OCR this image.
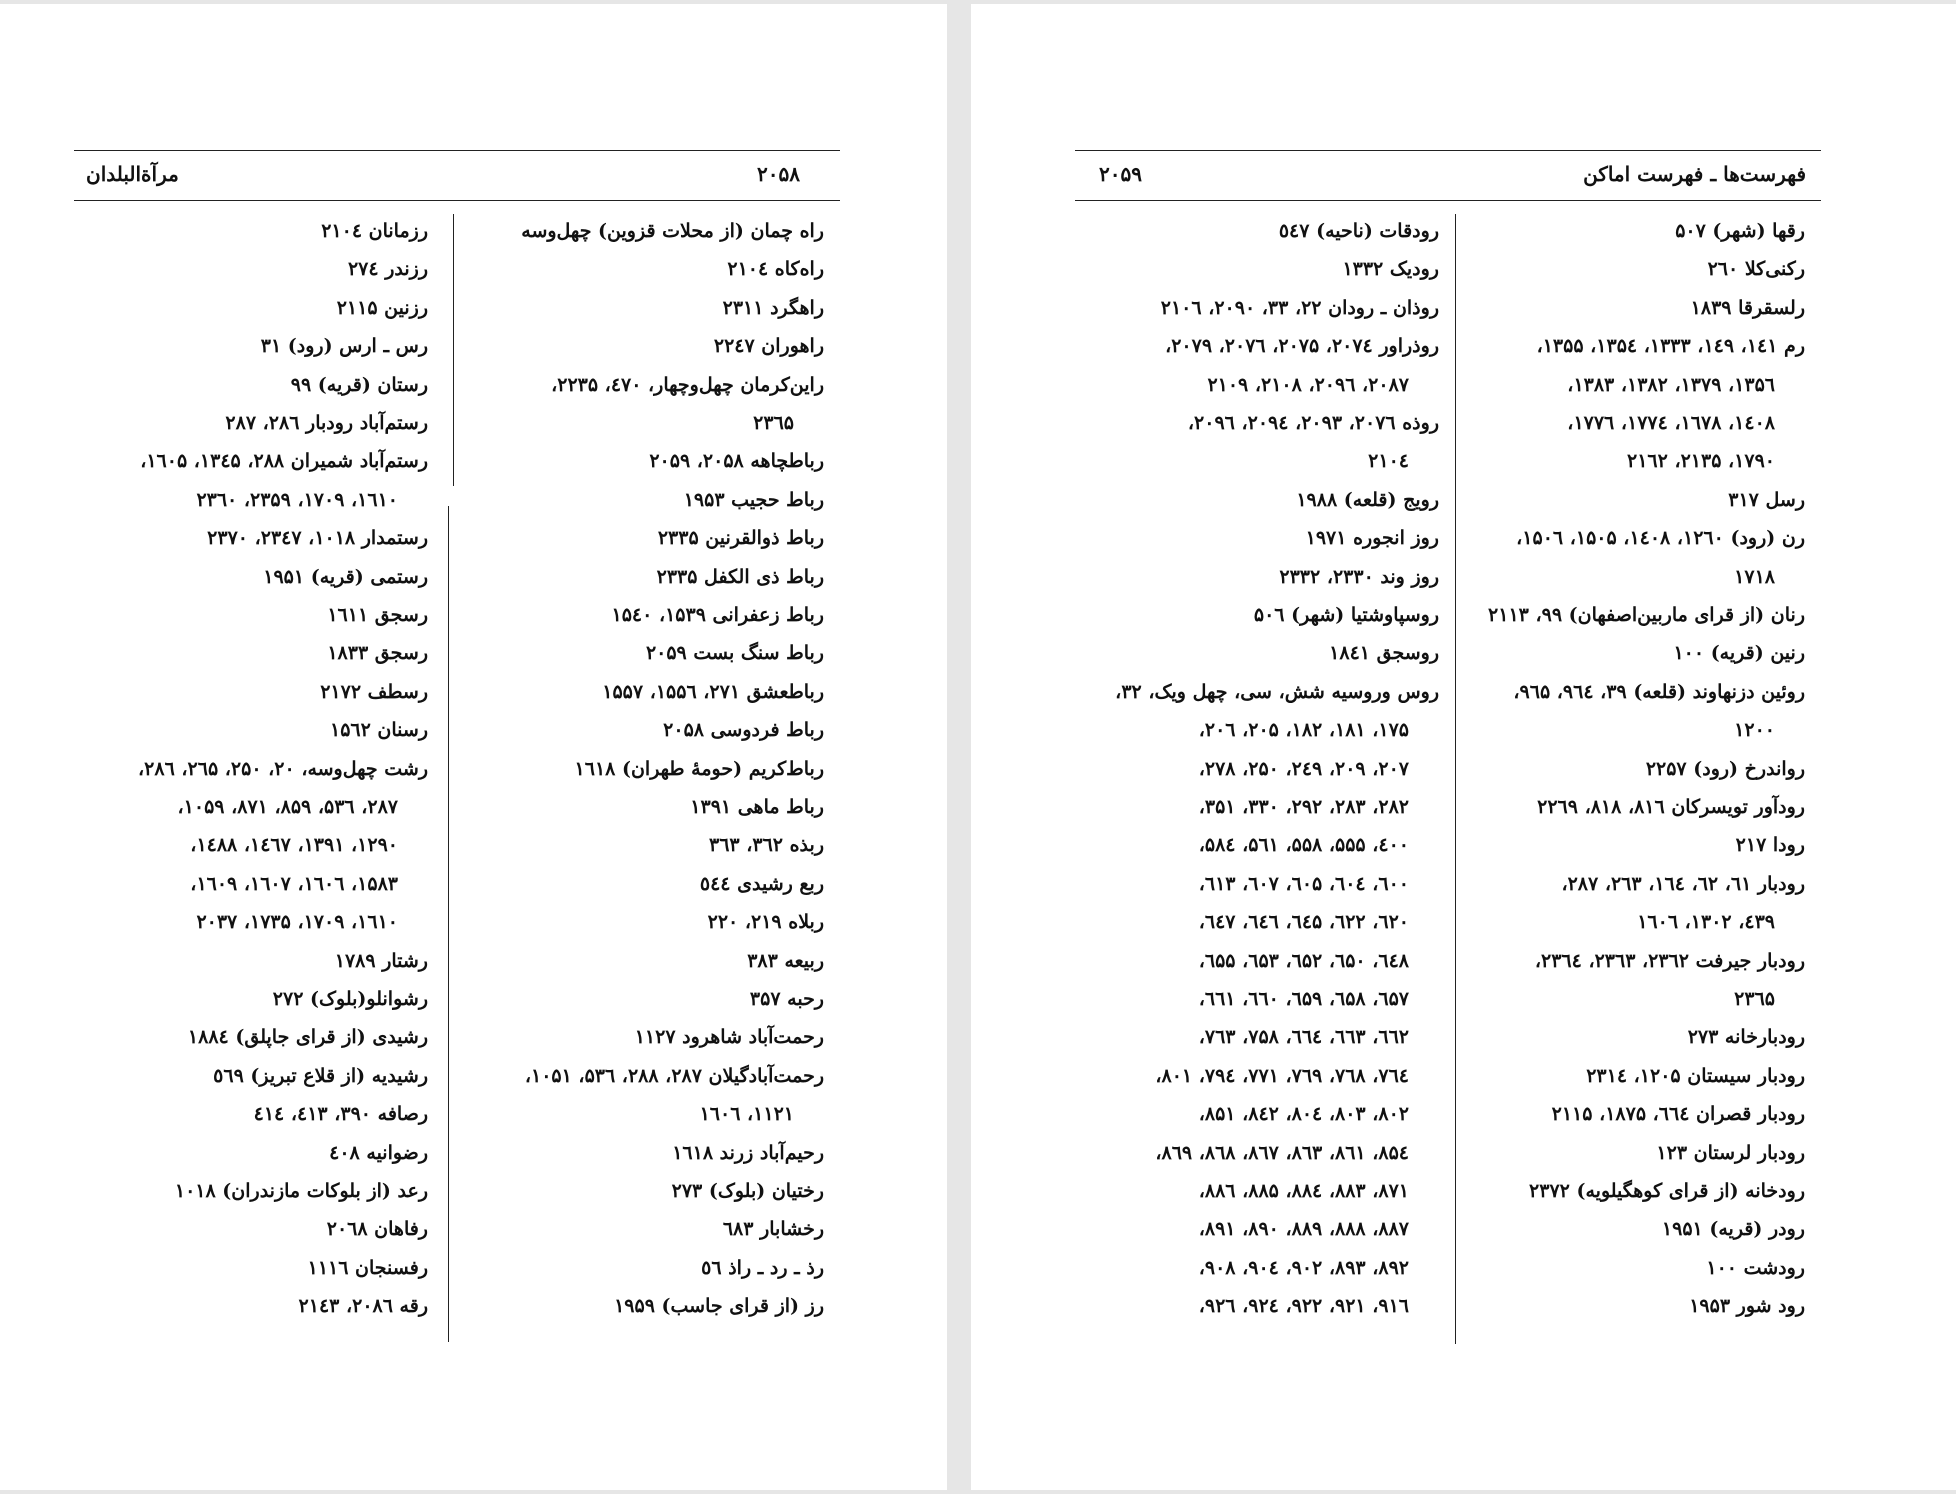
مرآة‌البلدان	۲۰۵۸
راه چمان (از محلات قزوین) چهل‌وسه
راه‌کاه ۲۱۰٤
راهگرد ۲۳۱۱
راهوران ۲۲٤۷
راین‌کرمان چهل‌وچهار، ٤٧٠، ۲۲۳۵،
۲۳٦۵
رباطچاهه ۲۰۵۸، ۲۰۵۹
رباط حجیب ۱۹۵۳
رباط ذوالقرنین ۲۳۳۵
رباط ذی الکفل ۲۳۳۵
رباط زعفرانی ۱۵۳۹، ۱۵٤۰
رباط سنگ بست ۲۰۵۹
رباطعشق ۲۷۱، ۱۵۵٦، ۱۵۵۷
رباط فردوسی ۲۰۵۸
رباط‌کریم (حومهٔ طهران) ۱٦۱۸
رباط ماهی ۱۳۹۱
ربذه ۳٦۲، ۳٦۳
ربع رشیدی ٥٤٤
ربلاه ۲۱۹، ۲۲۰
ربیعه ۳۸۳
رحبه ۳۵۷
رحمت‌آباد شاهرود ۱۱۲۷
رحمت‌آبادگیلان ۲۸۷، ۲۸۸، ۵۳٦، ۱۰۵۱،
۱۱۲۱، ۱٦۰٦
رحیم‌آباد زرند ۱٦۱۸
رختیان (بلوک) ۲۷۳
رخشابار ٦۸۳
رذ ـ رد ـ راذ ٥٦
رز (از قرای جاسب) ۱۹۵۹
رزمانان ۲۱۰٤
رزندر ۲۷٤
رزنین ۲۱۱۵
رس ـ ارس (رود) ۳۱
رستان (قریه) ۹۹
رستم‌آباد رودبار ۲۸٦، ۲۸۷
رستم‌آباد شمیران ۲۸۸، ۱۳٤۵، ۱٦۰۵،
۱٦۱۰، ۱۷۰۹، ۲۳۵۹، ۲۳٦۰
رستمدار ۱۰۱۸، ۲۳٤۷، ۲۳۷۰
رستمی (قریه) ۱۹۵۱
رسجق ۱٦۱۱
رسجق ۱۸۳۳
رسطف ۲۱۷۲
رسنان ۱۵٦۲
رشت چهل‌وسه، ۲۰، ۲۵۰، ۲٦۵، ۲۸٦،
۲۸۷، ۵۳٦، ۸۵۹، ۸۷۱، ۱۰۵۹،
۱۲۹۰، ۱۳۹۱، ۱٤٦۷، ۱٤۸۸،
۱۵۸۳، ۱٦۰٦، ۱٦۰۷، ۱٦۰۹،
۱٦۱۰، ۱۷۰۹، ۱۷۳۵، ۲۰۳۷
رشتار ۱۷۸۹
رشوانلو(بلوک) ۲۷۲
رشیدی (از قرای جاپلق) ۱۸۸٤
رشیدیه (از قلاع تبریز) ٥٦۹
رصافه ۳۹۰، ٤۱۳، ٤۱٤
رضوانیه ٤۰۸
رعد (از بلوکات مازندران) ۱۰۱۸
رفاهان ۲۰٦۸
رفسنجان ۱۱۱٦
رقه ۲۰۸٦، ۲۱٤۳
۲۰۵۹	فهرست‌ها ـ فهرست اماکن
رقها (شهر) ۵۰۷
رکنی‌کلا ۲٦۰
رلسقرقا ۱۸۳۹
رم ۱٤۱، ۱٤۹، ۱۳۳۳، ۱۳۵٤، ۱۳۵۵،
۱۳۵٦، ۱۳۷۹، ۱۳۸۲، ۱۳۸۳،
۱٤۰۸، ۱٦۷۸، ۱۷۷٤، ۱۷۷٦،
۱۷۹۰، ۲۱۳۵، ۲۱٦۲
رسل ۳۱۷
رن (رود) ۱۲٦۰، ۱٤۰۸، ۱۵۰۵، ۱۵۰٦،
۱۷۱۸
رنان (از قرای ماربین‌اصفهان) ۹۹، ۲۱۱۳
رنین (قریه) ۱۰۰
روئین دزنهاوند (قلعه) ۳۹، ۹٦٤، ۹٦۵،
۱۲۰۰
رواندرخ (رود) ۲۲۵۷
رودآور تویسرکان ۸۱٦، ۸۱۸، ۲۲٦۹
رودا ۲۱۷
رودبار ٦۱، ٦۲، ۱٦٤، ۲٦۳، ۲۸۷،
٤۳۹، ۱۳۰۲، ۱٦۰٦
رودبار جیرفت ۲۳٦۲، ۲۳٦۳، ۲۳٦٤،
۲۳٦۵
رودبارخانه ۲۷۳
رودبار سیستان ۱۲۰۵، ۲۳۱٤
رودبار قصران ٦٦٤، ۱۸۷۵، ۲۱۱۵
رودبار لرستان ۱۲۳
رودخانه (از قرای کوهگیلویه) ۲۳۷۲
رودر (قریه) ۱۹۵۱
رودشت ۱۰۰
رود شور ۱۹۵۳
رودقات (ناحیه) ٥٤۷
رودیک ۱۳۳۲
روذان ـ رودان ۲۲، ۳۳، ۲۰۹۰، ۲۱۰٦
روذراور ۲۰۷٤، ۲۰۷۵، ۲۰۷٦، ۲۰۷۹،
۲۰۸۷، ۲۰۹٦، ۲۱۰۸، ۲۱۰۹
روذه ۲۰۷٦، ۲۰۹۳، ۲۰۹٤، ۲۰۹٦،
۲۱۰٤
رویج (قلعه) ۱۹۸۸
روز انجوره ۱۹۷۱
روز وند ۲۳۳۰، ۲۳۳۲
روسپاوشتیا (شهر) ۵۰٦
روسجق ۱۸٤۱
روس وروسیه شش، سی، چهل ویک، ۳۲،
۱۷۵، ۱۸۱، ۱۸۲، ۲۰۵، ۲۰٦،
۲۰۷، ۲۰۹، ۲٤۹، ۲۵۰، ۲۷۸،
۲۸۲، ۲۸۳، ۲۹۲، ۳۳۰، ۳۵۱،
٤۰۰، ۵۵۵، ۵۵۸، ۵٦۱، ۵۸٤،
٦۰۰، ٦۰٤، ٦۰۵، ٦۰۷، ٦۱۳،
٦۲۰، ٦۲۲، ٦٤۵، ٦٤٦، ٦٤۷،
٦٤۸، ٦۵۰، ٦۵۲، ٦۵۳، ٦۵۵،
٦۵۷، ٦۵۸، ٦۵۹، ٦٦۰، ٦٦۱،
٦٦۲، ٦٦۳، ٦٦٤، ۷۵۸، ۷٦۳،
۷٦٤، ۷٦۸، ۷٦۹، ۷۷۱، ۷۹٤، ۸۰۱،
۸۰۲، ۸۰۳، ۸۰٤، ۸٤۲، ۸۵۱،
۸۵٤، ۸٦۱، ۸٦۳، ۸٦۷، ۸٦۸، ۸٦۹،
۸۷۱، ۸۸۳، ۸۸٤، ۸۸۵، ۸۸٦،
۸۸۷، ۸۸۸، ۸۸۹، ۸۹۰، ۸۹۱،
۸۹۲، ۸۹۳، ۹۰۲، ۹۰٤، ۹۰۸،
۹۱٦، ۹۲۱، ۹۲۲، ۹۲٤، ۹۲٦،
